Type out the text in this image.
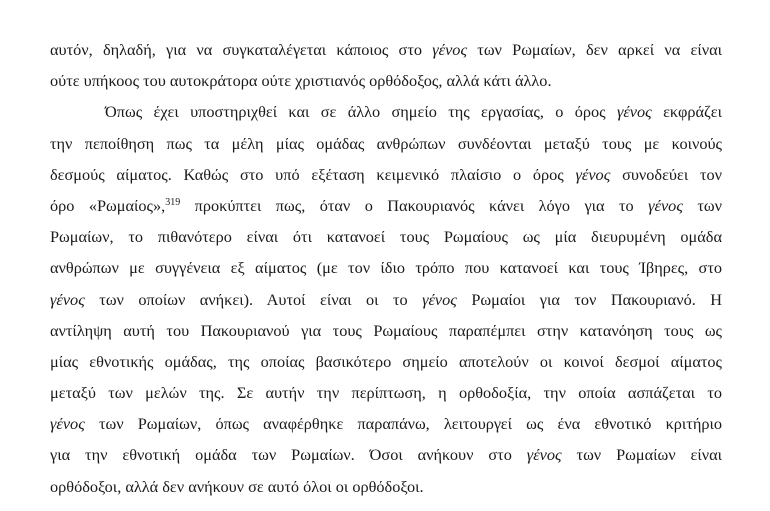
αυτόν, δηλαδή, για να συγκαταλέγεται κάποιος στο γένος των Ρωμαίων, δεν αρκεί να είναι
ούτε υπήκοος του αυτοκράτορα ούτε χριστιανός ορθόδοξος, αλλά κάτι άλλο.
Όπως έχει υποστηριχθεί και σε άλλο σημείο της εργασίας, ο όρος γένος εκφράζει
την πεποίθηση πως τα μέλη μίας ομάδας ανθρώπων συνδέονται μεταξύ τους με κοινούς
δεσμούς αίματος. Καθώς στο υπό εξέταση κειμενικό πλαίσιο ο όρος γένος συνοδεύει τον
όρο «Ρωμαίος»,$^{319}$ προκύπτει πως, όταν ο Πακουριανός κάνει λόγο για το γένος των
Ρωμαίων, το πιθανότερο είναι ότι κατανοεί τους Ρωμαίους ως μία διευρυμένη ομάδα
ανθρώπων με συγγένεια εξ αίματος (με τον ίδιο τρόπο που κατανοεί και τους Ίβηρες, στο
γένος των οποίων ανήκει). Αυτοί είναι οι το γένος Ρωμαίοι για τον Πακουριανό. Η
αντίληψη αυτή του Πακουριανού για τους Ρωμαίους παραπέμπει στην κατανόηση τους ως
μίας εθνοτικής ομάδας, της οποίας βασικότερο σημείο αποτελούν οι κοινοί δεσμοί αίματος
μεταξύ των μελών της. Σε αυτήν την περίπτωση, η ορθοδοξία, την οποία ασπάζεται το
γένος των Ρωμαίων, όπως αναφέρθηκε παραπάνω, λειτουργεί ως ένα εθνοτικό κριτήριο
για την εθνοτική ομάδα των Ρωμαίων. Όσοι ανήκουν στο γένος των Ρωμαίων είναι
ορθόδοξοι, αλλά δεν ανήκουν σε αυτό όλοι οι ορθόδοξοι.
